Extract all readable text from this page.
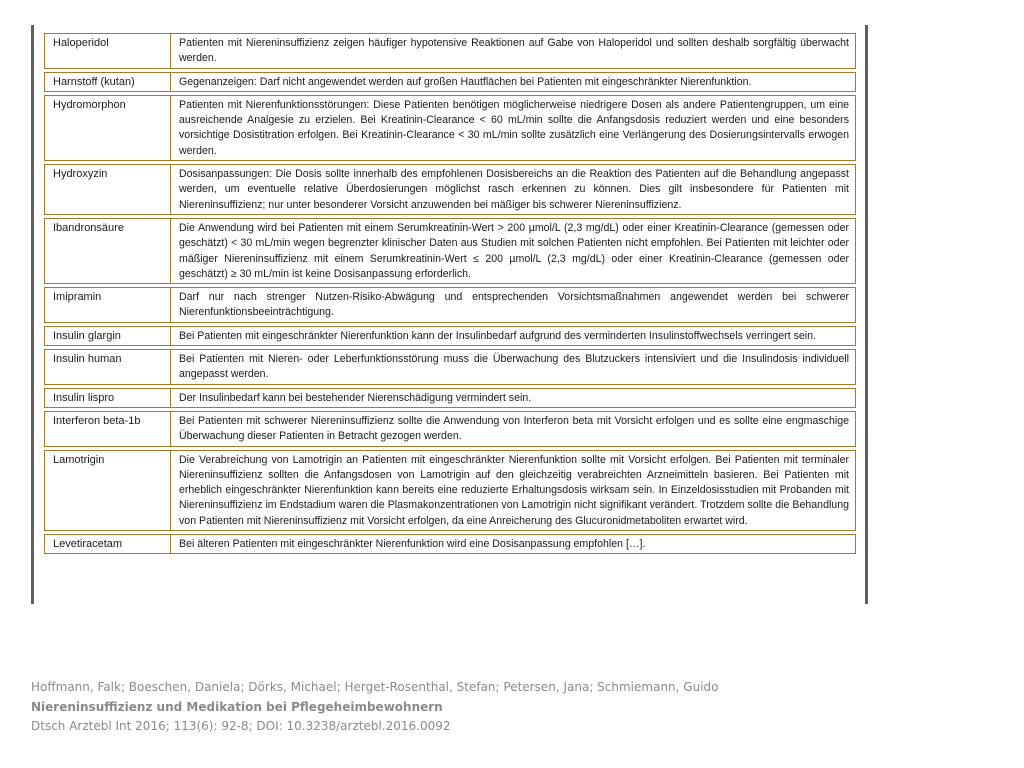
Haloperidol	Patienten mit Niereninsuffizienz zeigen häufiger hypotensive Reaktionen auf Gabe von Haloperidol und sollten deshalb sorgfältig überwacht werden.
Harnstoff (kutan)	Gegenanzeigen: Darf nicht angewendet werden auf großen Hautflächen bei Patienten mit eingeschränkter Nierenfunktion.
Hydromorphon	Patienten mit Nierenfunktionsstörungen: Diese Patienten benötigen möglicherweise niedrigere Dosen als andere Patientengruppen, um eine ausreichende Analgesie zu erzielen. Bei Kreatinin-Clearance < 60 mL/min sollte die Anfangsdosis reduziert werden und eine besonders vorsichtige Dosistitration erfolgen. Bei Kreatinin-Clearance < 30 mL/min sollte zusätzlich eine Verlängerung des Dosierungsintervalls erwogen werden.
Hydroxyzin	Dosisanpassungen: Die Dosis sollte innerhalb des empfohlenen Dosisbereichs an die Reaktion des Patienten auf die Behandlung angepasst werden, um eventuelle relative Überdosierungen möglichst rasch erkennen zu können. Dies gilt insbesondere für Patienten mit Niereninsuffizienz; nur unter besonderer Vorsicht anzuwenden bei mäßiger bis schwerer Niereninsuffizienz.
Ibandronsäure	Die Anwendung wird bei Patienten mit einem Serumkreatinin-Wert > 200 µmol/L (2,3 mg/dL) oder einer Kreatinin-Clearance (gemessen oder geschätzt) < 30 mL/min wegen begrenzter klinischer Daten aus Studien mit solchen Patienten nicht empfohlen. Bei Patienten mit leichter oder mäßiger Niereninsuffizienz mit einem Serumkreatinin-Wert ≤ 200 µmol/L (2,3 mg/dL) oder einer Kreatinin-Clearance (gemessen oder geschätzt) ≥ 30 mL/min ist keine Dosisanpassung erforderlich.
Imipramin	Darf nur nach strenger Nutzen-Risiko-Abwägung und entsprechenden Vorsichtsmaßnahmen angewendet werden bei schwerer Nierenfunktionsbeeinträchtigung.
Insulin glargin	Bei Patienten mit eingeschränkter Nierenfunktion kann der Insulinbedarf aufgrund des verminderten Insulinstoffwechsels verringert sein.
Insulin human	Bei Patienten mit Nieren- oder Leberfunktionsstörung muss die Überwachung des Blutzuckers intensiviert und die Insulindosis individuell angepasst werden.
Insulin lispro	Der Insulinbedarf kann bei bestehender Nierenschädigung vermindert sein.
Interferon beta-1b	Bei Patienten mit schwerer Niereninsuffizienz sollte die Anwendung von Interferon beta mit Vorsicht erfolgen und es sollte eine engmaschige Überwachung dieser Patienten in Betracht gezogen werden.
Lamotrigin	Die Verabreichung von Lamotrigin an Patienten mit eingeschränkter Nierenfunktion sollte mit Vorsicht erfolgen. Bei Patienten mit terminaler Niereninsuffizienz sollten die Anfangsdosen von Lamotrigin auf den gleichzeitig verabreichten Arzneimitteln basieren. Bei Patienten mit erheblich eingeschränkter Nierenfunktion kann bereits eine reduzierte Erhaltungsdosis wirksam sein. In Einzeldosisstudien mit Probanden mit Niereninsuffizienz im Endstadium waren die Plasmakonzentrationen von Lamotrigin nicht signifikant verändert. Trotzdem sollte die Behandlung von Patienten mit Niereninsuffizienz mit Vorsicht erfolgen, da eine Anreicherung des Glucuronidmetaboliten erwartet wird.
Levetiracetam	Bei älteren Patienten mit eingeschränkter Nierenfunktion wird eine Dosisanpassung empfohlen […].
Hoffmann, Falk; Boeschen, Daniela; Dörks, Michael; Herget-Rosenthal, Stefan; Petersen, Jana; Schmiemann, Guido
Niereninsuffizienz und Medikation bei Pflegeheimbewohnern
Dtsch Arztebl Int 2016; 113(6): 92-8; DOI: 10.3238/arztebl.2016.0092
